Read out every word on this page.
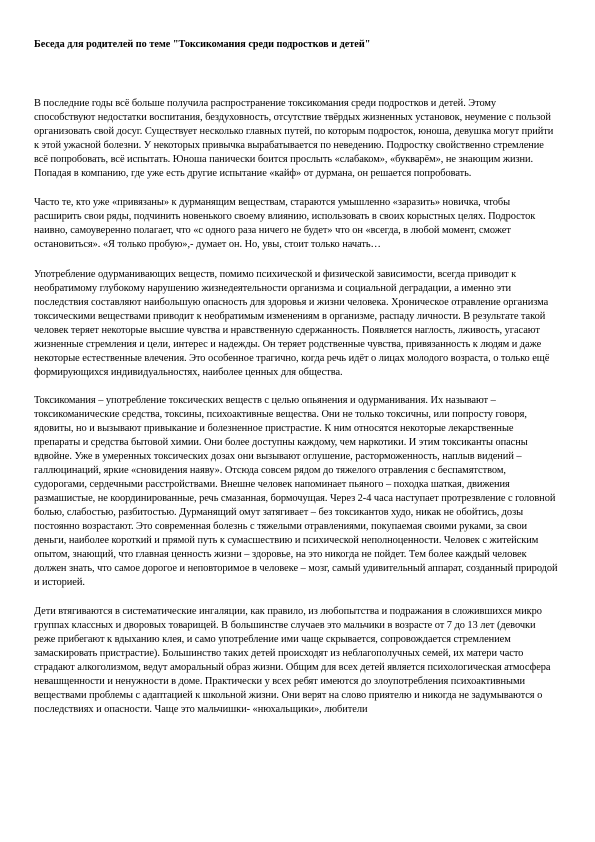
Беседа для родителей по теме "Токсикомания среди подростков и детей"

В последние годы всё больше получила распространение токсикомания среди подростков и детей. Этому способствуют недостатки воспитания, бездуховность, отсутствие твёрдых жизненных установок, неумение с пользой организовать свой досуг. Существует несколько главных путей, по которым подросток, юноша, девушка могут прийти к этой ужасной болезни. У некоторых привычка вырабатывается по неведению. Подростку свойственно стремление всё попробовать, всё испытать. Юноша панически боится прослыть «слабаком», «букварём», не знающим жизни. Попадая в компанию, где уже есть другие испытание «кайф» от дурмана, он решается попробовать.

Часто те, кто уже «привязаны» к дурманящим веществам, стараются умышленно «заразить» новичка, чтобы расширить свои ряды, подчинить новенького своему влиянию, использовать в своих корыстных целях. Подросток наивно, самоуверенно полагает, что «с одного раза ничего не будет» что он «всегда, в любой момент, сможет остановиться». «Я только пробую»,- думает он. Но, увы, стоит только начать…

Употребление одурманивающих веществ, помимо психической и физической зависимости, всегда приводит к необратимому глубокому нарушению жизнедеятельности организма и социальной деградации, а именно эти последствия составляют наибольшую опасность для здоровья и жизни человека. Хроническое отравление организма токсическими веществами приводит к необратимым изменениям в организме, распаду личности. В результате такой человек теряет некоторые высшие чувства и нравственную сдержанность. Появляется наглость, лживость, угасают жизненные стремления и цели, интерес и надежды. Он теряет родственные чувства, привязанность к людям и даже некоторые естественные влечения. Это особенное трагично, когда речь идёт о лицах молодого возраста, о только ещё формирующихся индивидуальностях, наиболее ценных для общества.

Токсикомания – употребление токсических веществ с целью опьянения и одурманивания. Их называют – токсикоманические средства, токсины, психоактивные вещества. Они не только токсичны, или попросту говоря, ядовиты, но и вызывают привыкание и болезненное пристрастие. К ним относятся некоторые лекарственные препараты и средства бытовой химии. Они более доступны каждому, чем наркотики. И этим токсиканты опасны вдвойне. Уже в умеренных токсических дозах они вызывают оглушение, расторможенность, наплыв видений – галлюцинаций, яркие «сновидения наяву». Отсюда совсем рядом до тяжелого отравления с беспамятством, судорогами, сердечными расстройствами. Внешне человек напоминает пьяного – походка шаткая, движения размашистые, не координированные, речь смазанная, бормочущая. Через 2-4 часа наступает протрезвление с головной болью, слабостью, разбитостью. Дурманящий омут затягивает – без токсикантов худо, никак не обойтись, дозы постоянно возрастают. Это современная болезнь с тяжелыми отравлениями, покупаемая своими руками, за свои деньги, наиболее короткий и прямой путь к сумасшествию и психической неполноценности. Человек с житейским опытом, знающий, что главная ценность жизни – здоровье, на это никогда не пойдет. Тем более каждый человек должен знать, что самое дорогое и неповторимое в человеке – мозг, самый удивительный аппарат, созданный природой и историей.

Дети втягиваются в систематические ингаляции, как правило, из любопытства и подражания в сложившихся микро группах классных и дворовых товарищей. В большинстве случаев это мальчики в возрасте от 7 до 13 лет (девочки реже прибегают к вдыханию клея, и само употребление ими чаще скрывается, сопровождается стремлением замаскировать пристрастие). Большинство таких детей происходят из неблагополучных семей, их матери часто страдают алкоголизмом, ведут аморальный образ жизни. Общим для всех детей является психологическая атмосфера невашщенности и ненужности в доме. Практически у всех ребят имеются до злоупотребления психоактивными веществами проблемы с адаптацией к школьной жизни. Они верят на слово приятелю и никогда не задумываются о последствиях и опасности. Чаще это мальчишки- «нюхальщики», любители
